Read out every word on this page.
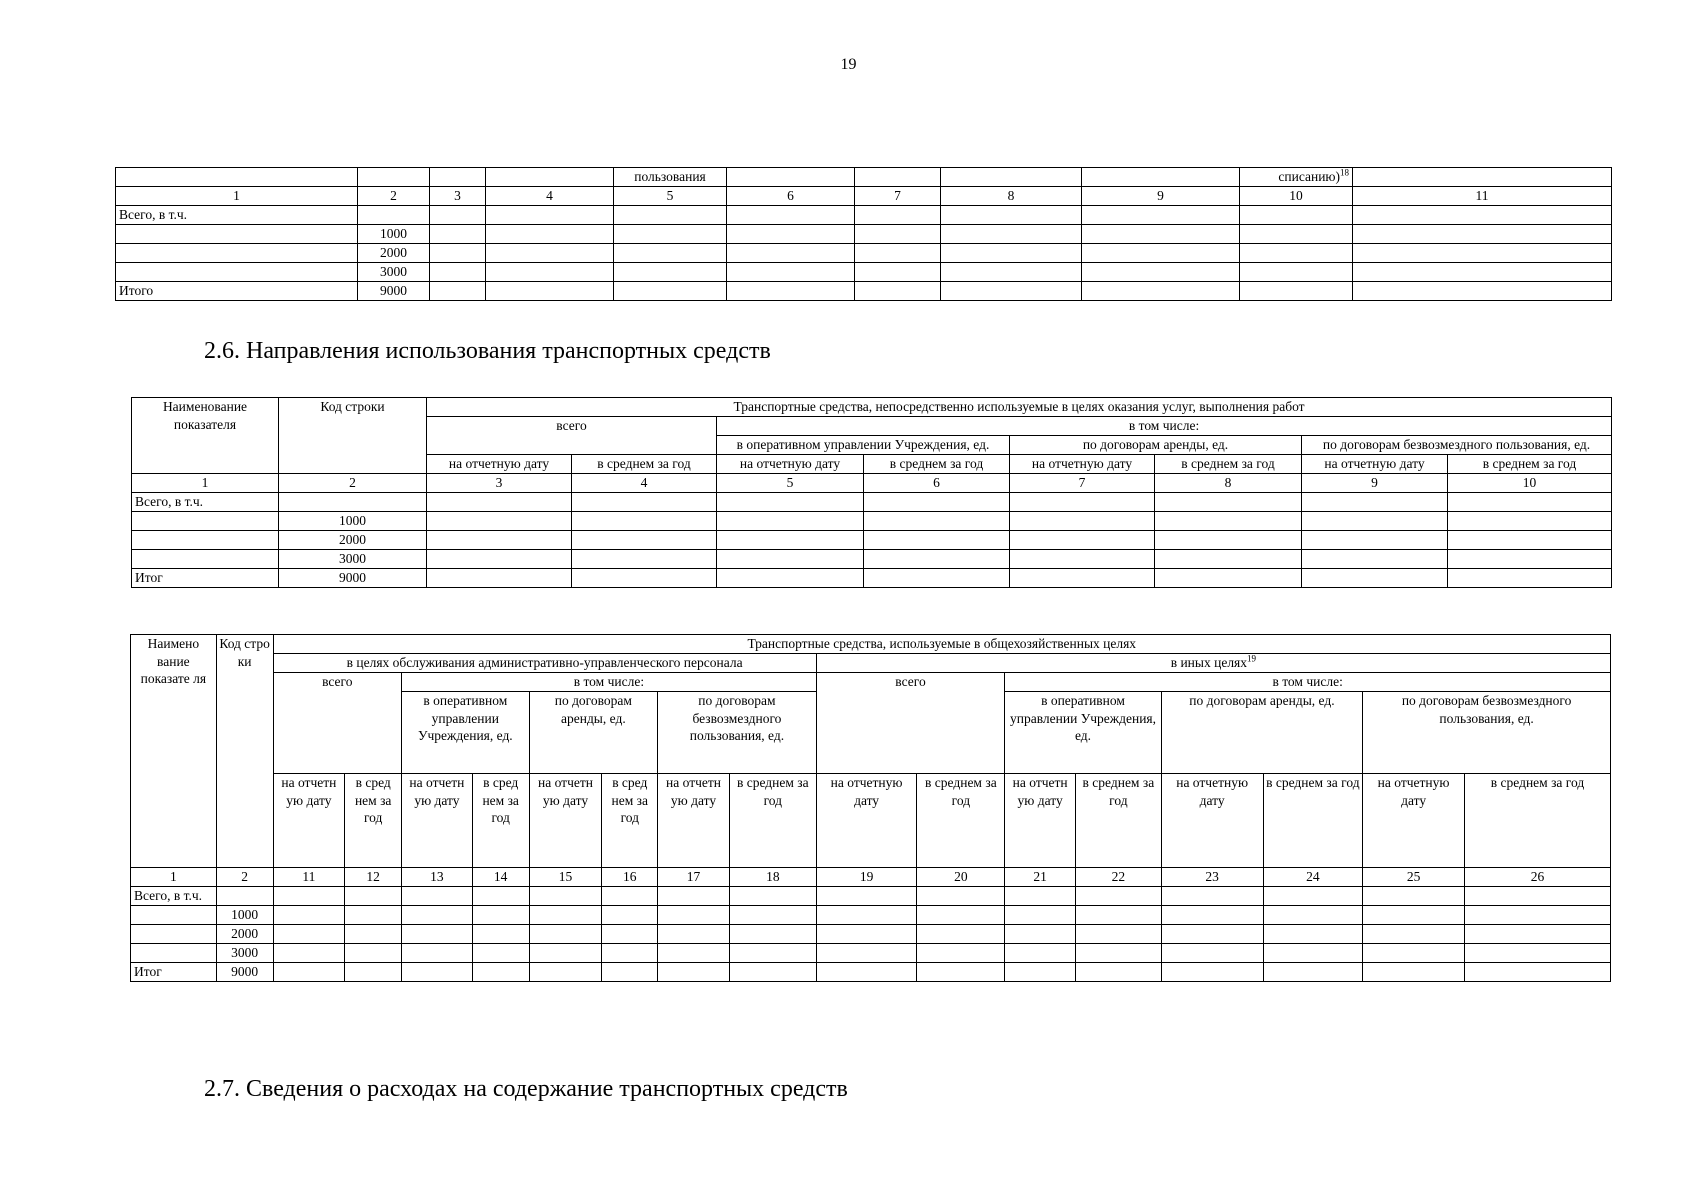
19
				пользования					списанию)$^{18}$	
1	2	3	4	5	6	7	8	9	10	11
Всего, в т.ч.										
	1000									
	2000									
	3000									
Итого	9000									
2.6. Направления использования транспортных средств
Наименование показателя	Код строки	Транспортные средства, непосредственно используемые в целях оказания услуг, выполнения работ							
		всего		в том числе:					
				в оперативном управлении Учреждения, ед.		по договорам аренды, ед.		по договорам безвозмездного пользования, ед.	
		на отчетную дату	в среднем за год	на отчетную дату	в среднем за год	на отчетную дату	в среднем за год	на отчетную дату	в среднем за год
1	2	3	4	5	6	7	8	9	10
Всего, в т.ч.									
	1000								
	2000								
	3000								
Итог	9000								
Наимено вание показате ля	Код стро ки	Транспортные средства, используемые в общехозяйственных целях															
		в целях обслуживания административно-управленческого персонала								в иных целях$^{19}$
		всего		в том числе:						всего		в том числе:					
				в оперативном управлении Учреждения, ед.		по договорам аренды, ед.		по договорам безвозмездного пользования, ед.				в оперативном управлении Учреждения, ед.		по договорам аренды, ед.		по договорам безвозмездного пользования, ед.	
		на отчетн ую дату	в сред нем за год	на отчетн ую дату	в сред нем за год	на отчетн ую дату	в сред нем за год	на отчетн ую дату	в среднем за год	на отчетную дату	в среднем за год	на отчетн ую дату	в среднем за год	на отчетную дату	в среднем за год	на отчетную дату	в среднем за год
1	2	11	12	13	14	15	16	17	18	19	20	21	22	23	24	25	26
Всего, в т.ч.																	
	1000																
	2000																
	3000																
Итог	9000																
2.7. Сведения о расходах на содержание транспортных средств
